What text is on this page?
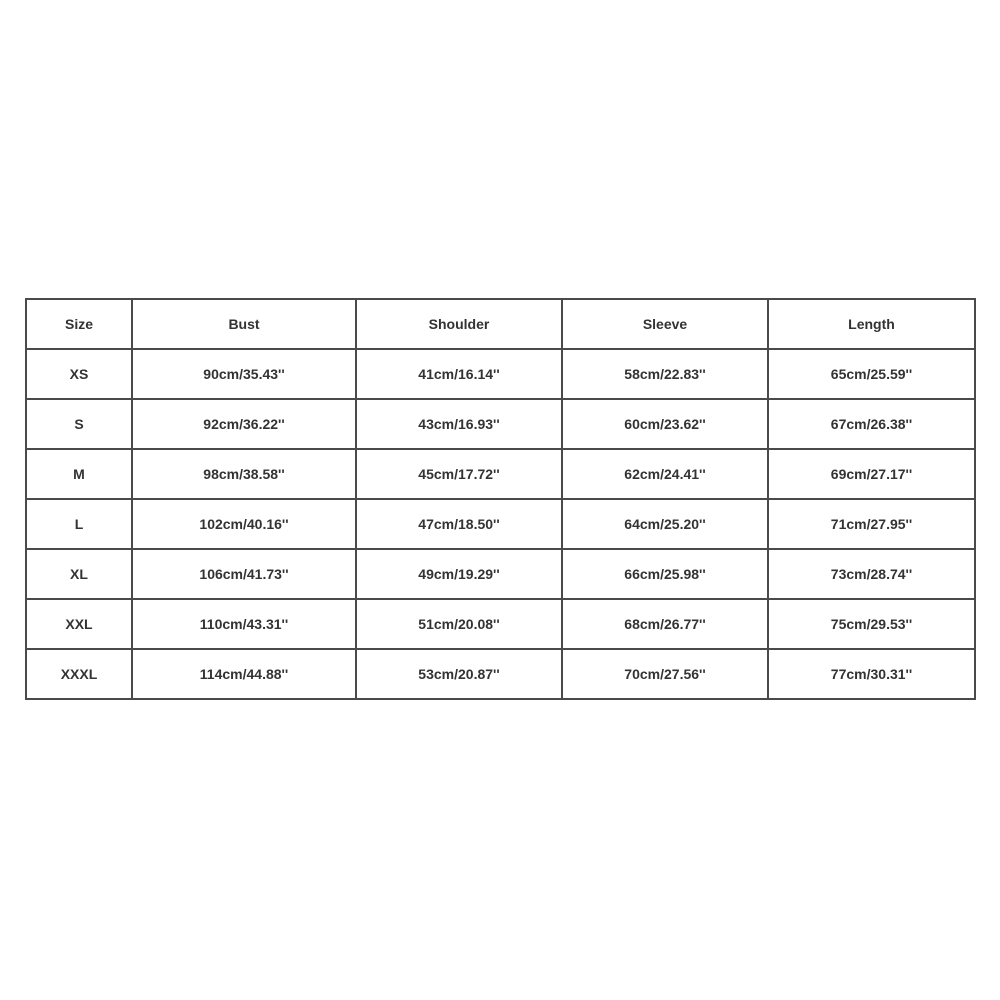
Size	Bust	Shoulder	Sleeve	Length
XS	90cm/35.43''	41cm/16.14''	58cm/22.83''	65cm/25.59''
S	92cm/36.22''	43cm/16.93''	60cm/23.62''	67cm/26.38''
M	98cm/38.58''	45cm/17.72''	62cm/24.41''	69cm/27.17''
L	102cm/40.16''	47cm/18.50''	64cm/25.20''	71cm/27.95''
XL	106cm/41.73''	49cm/19.29''	66cm/25.98''	73cm/28.74''
XXL	110cm/43.31''	51cm/20.08''	68cm/26.77''	75cm/29.53''
XXXL	114cm/44.88''	53cm/20.87''	70cm/27.56''	77cm/30.31''
